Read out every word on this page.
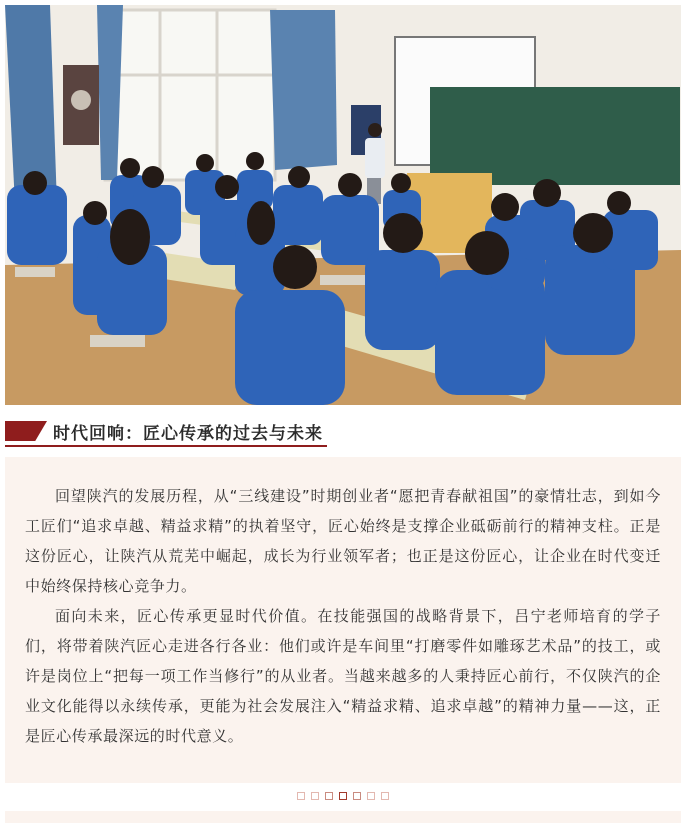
时代回响：匠心传承的过去与未来

回望陕汽的发展历程，从“三线建设”时期创业者“愿把青春献祖国”的豪情壮志，到如今工匠们“追求卓越、精益求精”的执着坚守，匠心始终是支撑企业砥砺前行的精神支柱。正是这份匠心，让陕汽从荒芜中崛起，成长为行业领军者；也正是这份匠心，让企业在时代变迁中始终保持核心竞争力。

面向未来，匠心传承更显时代价值。在技能强国的战略背景下，吕宁老师培育的学子们，将带着陕汽匠心走进各行各业：他们或许是车间里“打磨零件如雕琢艺术品”的技工，或许是岗位上“把每一项工作当修行”的从业者。当越来越多的人秉持匠心前行，不仅陕汽的企业文化能得以永续传承，更能为社会发展注入“精益求精、追求卓越”的精神力量——这，正是匠心传承最深远的时代意义。
